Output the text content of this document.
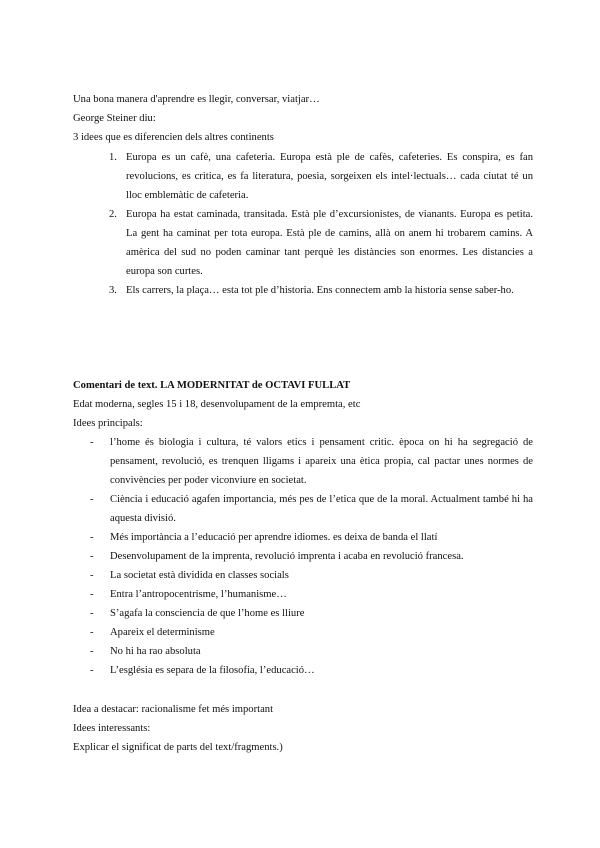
Una bona manera d'aprendre es llegir, conversar, viatjar…

George Steiner diu:

3 idees que es diferencien dels altres continents

1. Europa es un cafè, una cafeteria. Europa està ple de cafès, cafeteries. Es conspira, es fan revolucions, es critica, es fa literatura, poesia, sorgeixen els intel·lectuals… cada ciutat té un lloc emblemàtic de cafeteria.
2. Europa ha estat caminada, transitada. Està ple d’excursionistes, de vianants. Europa es petita. La gent ha caminat per tota europa. Està ple de camins, allà on anem hi trobarem camins. A amèrica del sud no poden caminar tant perquè les distàncies son enormes. Les distancies a europa son curtes.
3. Els carrers, la plaça… esta tot ple d’historia. Ens connectem amb la historia sense saber-ho.

Comentari de text. LA MODERNITAT de OCTAVI FULLAT

Edat moderna, segles 15 i 18, desenvolupament de la empremta, etc

Idees principals:

- l’home és biologia i cultura, té valors etics i pensament critic. època on hi ha segregació de pensament, revolució, es trenquen lligams i apareix una ètica propia, cal pactar unes normes de convivències per poder viconviure en societat.
- Ciència i educació agafen importancia, més pes de l’etica que de la moral. Actualment també hi ha aquesta divisió.
- Més importància a l’educació per aprendre idiomes. es deixa de banda el llatí
- Desenvolupament de la imprenta, revolució imprenta i acaba en revolució francesa.
- La societat està dividida en classes socials
- Entra l’antropocentrisme, l’humanisme…
- S’agafa la consciencia de que l’home es lliure
- Apareix el determinisme
- No hi ha rao absoluta
- L’església es separa de la filosofia, l’educació…

Idea a destacar: racionalisme fet més important

Idees interessants:

Explicar el significat de parts del text/fragments.)
